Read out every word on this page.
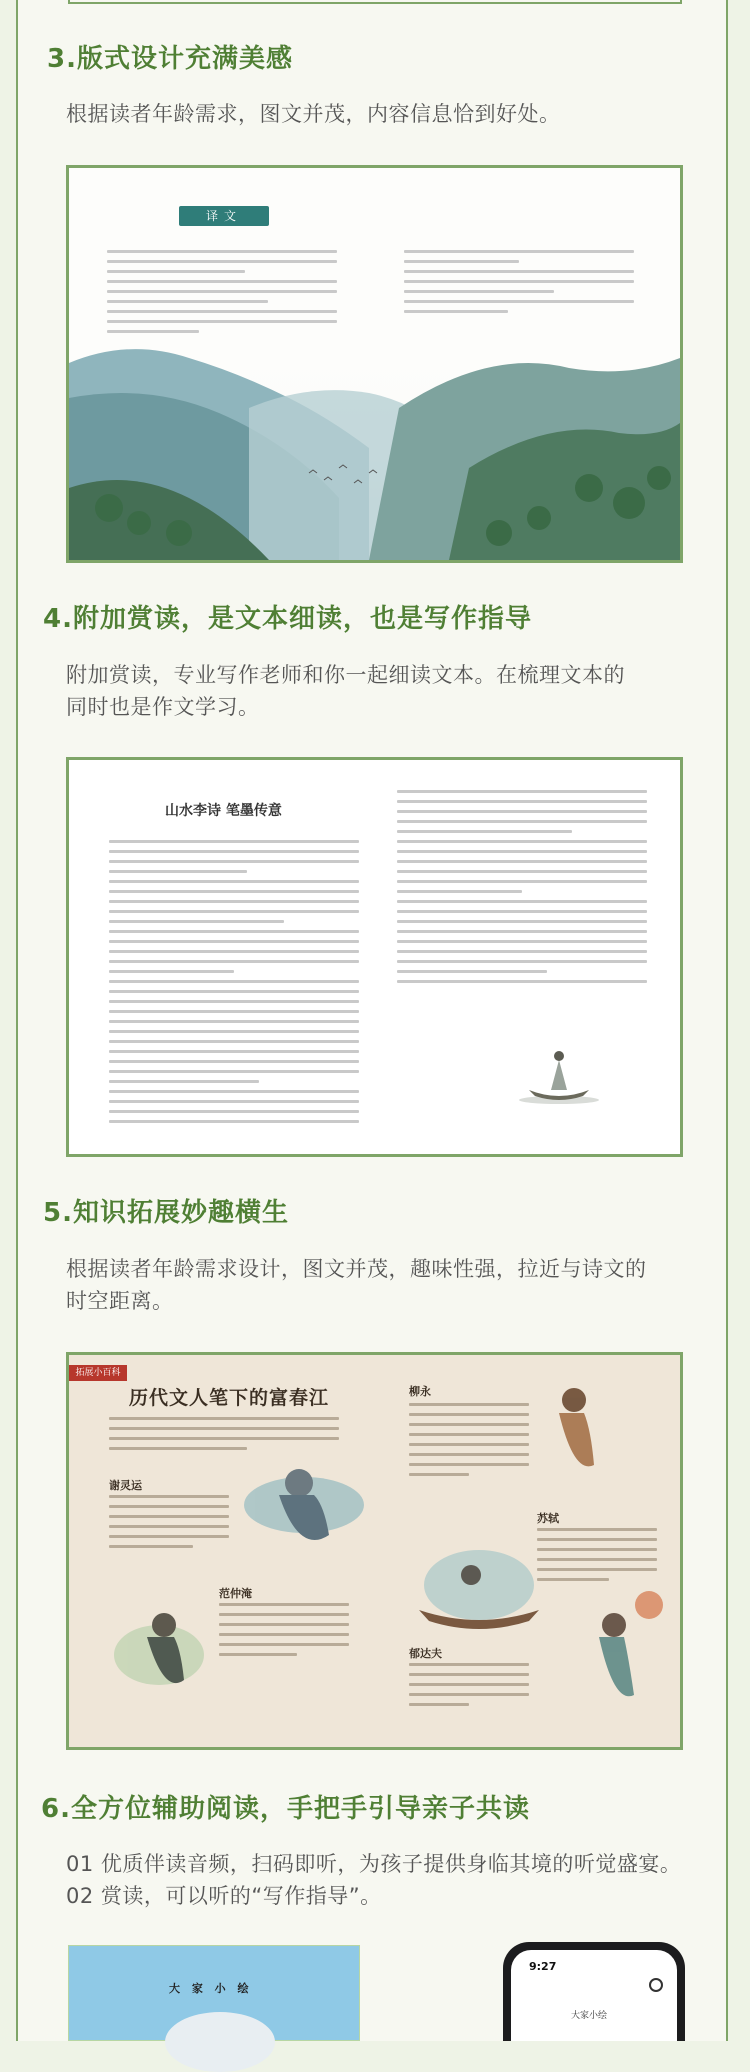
3.版式设计充满美感
根据读者年龄需求，图文并茂，内容信息恰到好处。
译文
4.附加赏读，是文本细读，也是写作指导
附加赏读，专业写作老师和你一起细读文本。在梳理文本的
同时也是作文学习。
山水李诗 笔墨传意
5.知识拓展妙趣横生
根据读者年龄需求设计，图文并茂，趣味性强，拉近与诗文的
时空距离。
拓展小百科
历代文人笔下的富春江
谢灵运
范仲淹
柳永
苏轼
郁达夫
6.全方位辅助阅读，手把手引导亲子共读
01 优质伴读音频，扫码即听，为孩子提供身临其境的听觉盛宴。
02 赏读，可以听的“写作指导”。
大 家 小 绘
9:27
大家小绘
